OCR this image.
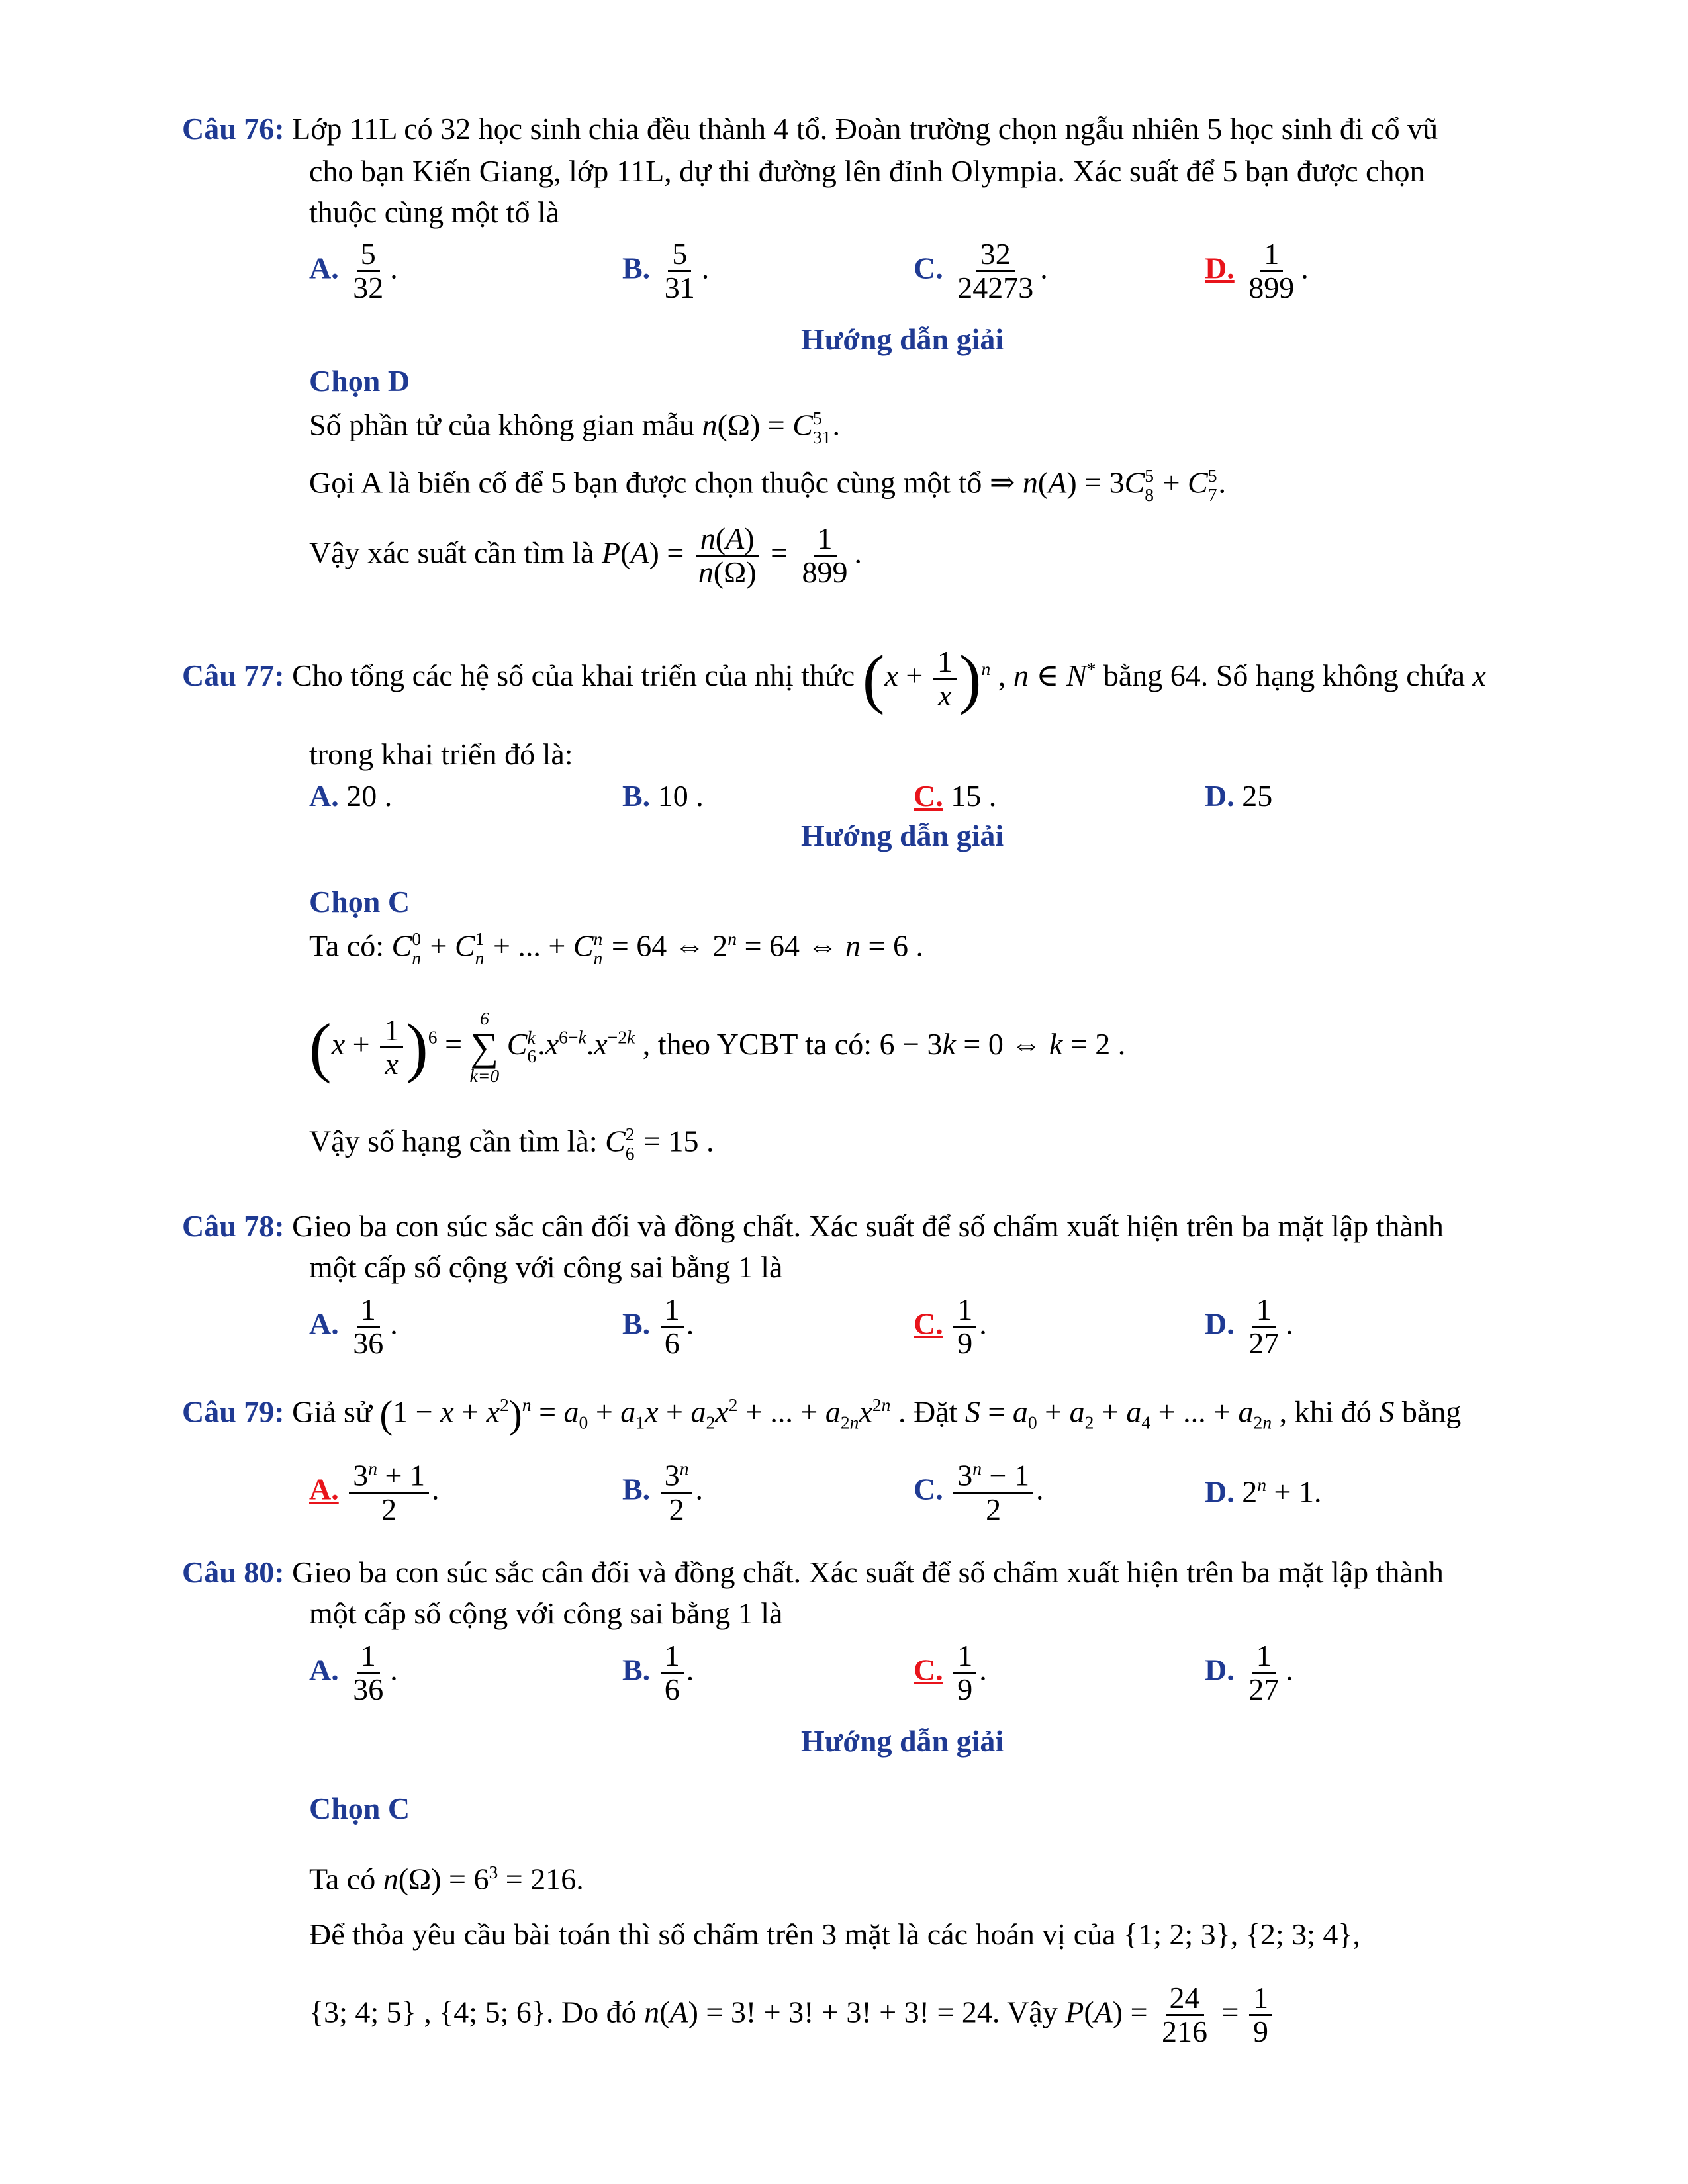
Câu 76: Lớp 11L có 32 học sinh chia đều thành 4 tổ. Đoàn trường chọn ngẫu nhiên 5 học sinh đi cổ vũ
cho bạn Kiến Giang, lớp 11L, dự thi đường lên đỉnh Olympia. Xác suất để 5 bạn được chọn
thuộc cùng một tổ là
A. $\frac{5}{32}$ .	B. $\frac{5}{31}$ .	C. $\frac{32}{24273}$ .	D. $\frac{1}{899}$ .
Hướng dẫn giải
Chọn D
Số phần tử của không gian mẫu n(Ω) = C 5
31 .
Gọi A là biến cố để 5 bạn được chọn thuộc cùng một tổ ⇒ n(A) = 3C 5
8 + C 5
7 .
Vậy xác suất cần tìm là $P(A) = \frac{n(A)}{n(\Omega)} = \frac{1}{899}$ .
Câu 77: Cho tổng các hệ số của khai triển của nhị thức $(x + \frac{1}{x} )^n$ , n ∈ N* bằng 64. Số hạng không chứa x
trong khai triển đó là:
A. 20 .	B. 10 .	C. 15 .	D. 25
Hướng dẫn giải
Chọn C
Ta có: C 0
n + C 1
n + ... + C n
n = 64 ⇔ $2^n = 64$ ⇔ n = 6 .
$(x + \frac{1}{x} )^6$ =
6
∑
k=0
C k
6 $.x^{6-k}.x^{-2k}$ , theo YCBT ta có: 6 − 3k = 0 ⇔ k = 2 .
Vậy số hạng cần tìm là: C 2
6 = 15 .
Câu 78: Gieo ba con súc sắc cân đối và đồng chất. Xác suất để số chấm xuất hiện trên ba mặt lập thành
một cấp số cộng với công sai bằng 1 là
A. $\frac{1}{36}$ .	B. $\frac{1}{6}$ .	C. $\frac{1}{9}$ .	D. $\frac{1}{27}$ .
Câu 79: Giả sử $(1 - x + x^2)^n = a_0 + a_1x + a_2x^2$ + ... + $a_{2n}x^{2n}$ . Đặt $S = a_0 + a_2 + a_4$ + ... + $a_{2n}$ , khi đó S bằng
A. $\frac{3^n + 1}{2}$ .	B. $\frac{3^n}{2}$ .	C. $\frac{3^n - 1}{2}$ .	D. $2^n + 1$.
Câu 80: Gieo ba con súc sắc cân đối và đồng chất. Xác suất để số chấm xuất hiện trên ba mặt lập thành
một cấp số cộng với công sai bằng 1 là
A. $\frac{1}{36}$ .	B. $\frac{1}{6}$ .	C. $\frac{1}{9}$ .	D. $\frac{1}{27}$ .
Hướng dẫn giải
Chọn C
Ta có $n(\Omega) = 6^3 = 216$.
Để thỏa yêu cầu bài toán thì số chấm trên 3 mặt là các hoán vị của {1; 2; 3}, {2; 3; 4},
{3; 4; 5} , {4; 5; 6}. Do đó n(A) = 3! + 3! + 3! + 3! = 24. Vậy $P(A) = \frac{24}{216} = \frac{1}{9}$
